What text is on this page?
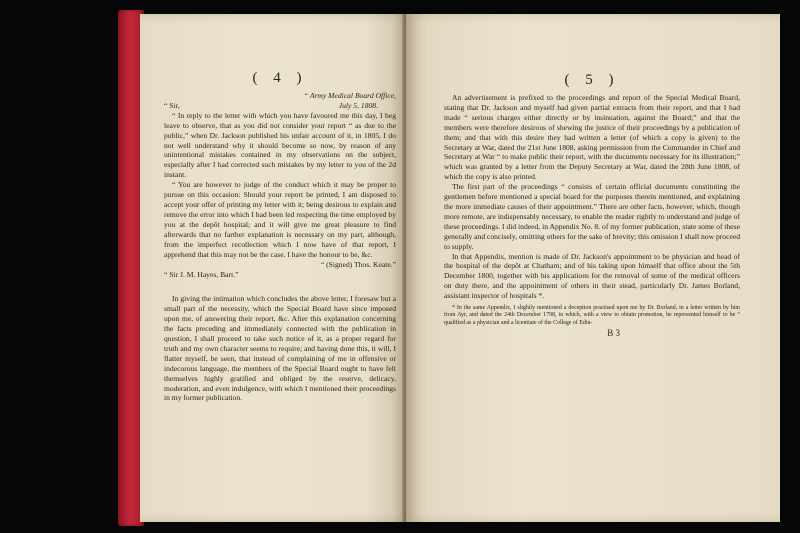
( 4 )
“ Army Medical Board Office,
“ Sir,	July 5, 1808.

“ In reply to the letter with which you have favoured me this day, I beg leave to observe, that as you did not consider your report “ as due to the public,” when Dr. Jackson published his unfair account of it, in 1805, I do not well understand why it should become so now, by reason of any unintentional mistakes contained in my observations on the subject, especially after I had corrected such mistakes by my letter to you of the 2d instant.

“ You are however to judge of the conduct which it may be proper to pursue on this occasion: Should your report be printed, I am disposed to accept your offer of printing my letter with it; being desirous to explain and remove the error into which I had been led respecting the time employed by you at the depôt hospital; and it will give me great pleasure to find afterwards that no farther explanation is necessary on my part, although, from the imperfect recollection which I now have of that report, I apprehend that this may not be the case. I have the honour to be, &c.

“ (Signed) Thos. Keate.”
“ Sir J. M. Hayes, Bart.”

In giving the intimation which concludes the above letter, I foresaw but a small part of the necessity, which the Special Board have since imposed upon me, of answering their report, &c. After this explanation concerning the facts preceding and immediately connected with the publication in question, I shall proceed to take such notice of it, as a proper regard for truth and my own character seems to require; and having done this, it will, I flatter myself, be seen, that instead of complaining of me in offensive or indecorous language, the members of the Special Board ought to have felt themselves highly gratified and obliged by the reserve, delicacy, moderation, and even indulgence, with which I mentioned their proceedings in my former publication.

( 5 )

An advertisement is prefixed to the proceedings and report of the Special Medical Board, stating that Dr. Jackson and myself had given partial extracts from their report, and that I had made “ serious charges either directly or by insinuation, against the Board;” and that the members were therefore desirous of shewing the justice of their proceedings by a publication of them; and that with this desire they had written a letter (of which a copy is given) to the Secretary at War, dated the 21st June 1808, asking permission from the Commander in Chief and Secretary at War “ to make public their report, with the documents necessary for its illustration;” which was granted by a letter from the Deputy Secretary at War, dated the 28th June 1808, of which the copy is also printed.

The first part of the proceedings “ consists of certain official documents constituting the gentlemen before mentioned a special board for the purposes therein mentioned, and explaining the more immediate causes of their appointment.” There are other facts, however, which, though more remote, are indispensably necessary, to enable the reader rightly to understand and judge of these proceedings. I did indeed, in Appendix No. 8. of my former publication, state some of these generally and concisely, omitting others for the sake of brevity; this omission I shall now proceed to supply.

In that Appendix, mention is made of Dr. Jackson's appointment to be physician and head of the hospital of the depôt at Chatham; and of his taking upon himself that office about the 5th December 1800, together with his applications for the removal of some of the medical officers on duty there, and the appointment of others in their stead, particularly Dr. James Borland, assistant inspector of hospitals *.

* In the same Appendix, I slightly mentioned a deception practised upon me by Dr. Borland, in a letter written by him from Ayr, and dated the 24th December 1798, in which, with a view to obtain promotion, he represented himself to be “ qualified as a physician and a licentiate of the College of Edin-

B 3
